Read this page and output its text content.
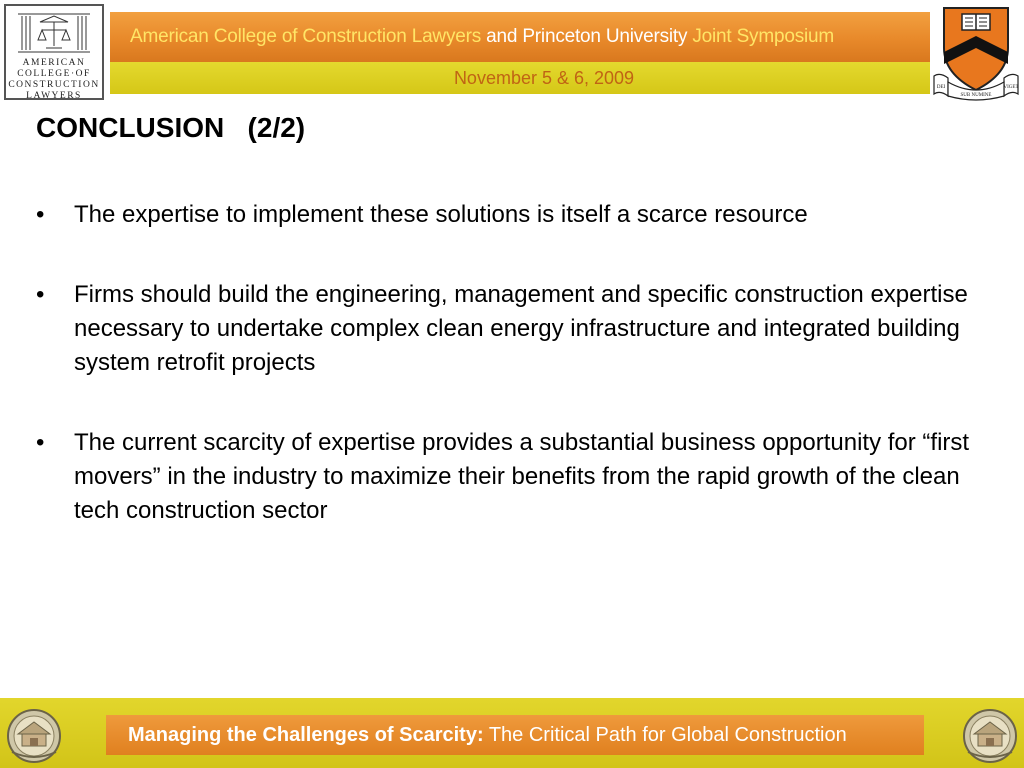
AMERICAN
COLLEGE·OF
CONSTRUCTION
LAWYERS
American College of Construction Lawyers and Princeton University Joint Symposium
November 5 & 6, 2009	DEI
SUB NUMINE
VIGET
CONCLUSION   (2/2)
• The expertise to implement these solutions is itself a scarce resource
• Firms should build the engineering, management and specific construction expertise necessary to undertake complex clean energy infrastructure and integrated building system retrofit projects
• The current scarcity of expertise provides a substantial business opportunity for “first movers” in the industry to maximize their benefits from the rapid growth of the clean tech construction sector
Managing the Challenges of Scarcity: The Critical Path for Global Construction
